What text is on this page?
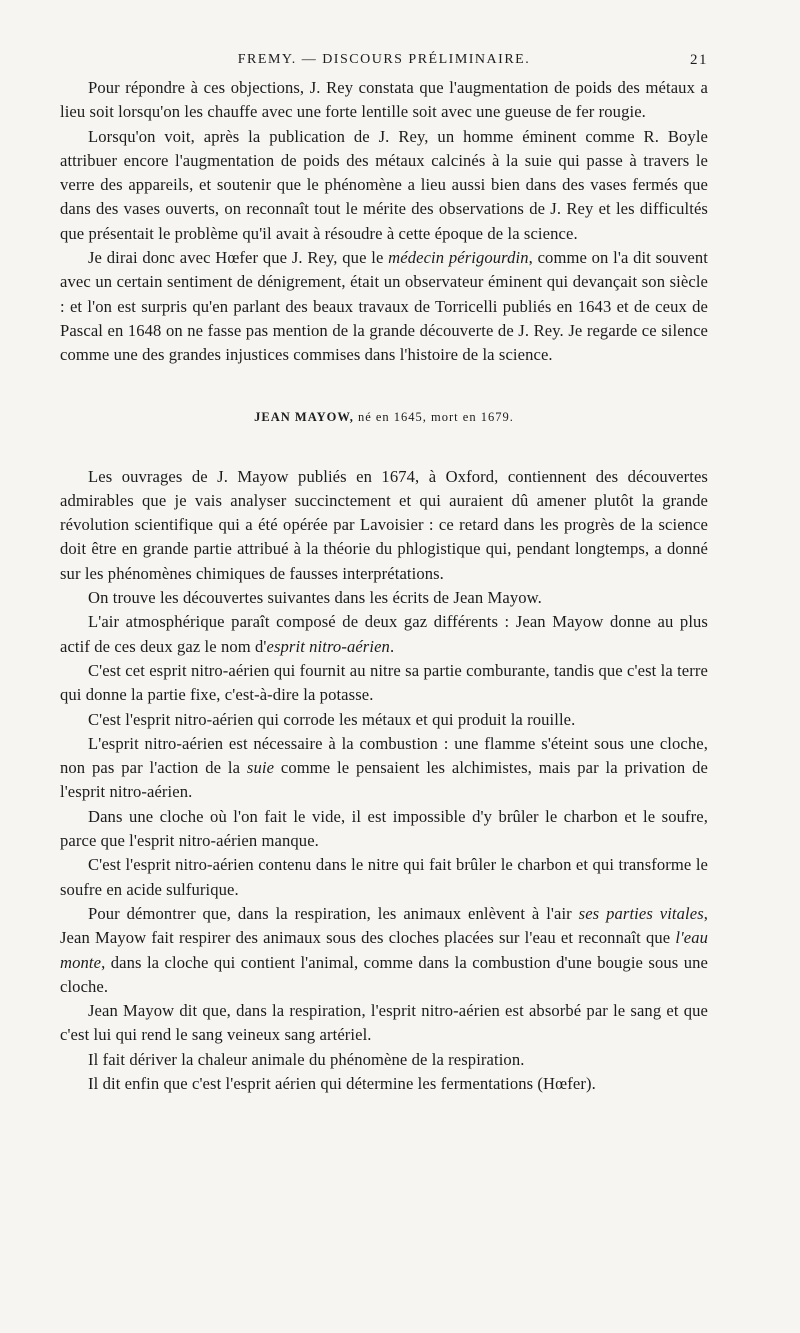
FREMY. — DISCOURS PRÉLIMINAIRE.	21

Pour répondre à ces objections, J. Rey constata que l'augmentation de poids des métaux a lieu soit lorsqu'on les chauffe avec une forte lentille soit avec une gueuse de fer rougie.

Lorsqu'on voit, après la publication de J. Rey, un homme éminent comme R. Boyle attribuer encore l'augmentation de poids des métaux calcinés à la suie qui passe à travers le verre des appareils, et soutenir que le phénomène a lieu aussi bien dans des vases fermés que dans des vases ouverts, on reconnaît tout le mérite des observations de J. Rey et les difficultés que présentait le problème qu'il avait à résoudre à cette époque de la science.

Je dirai donc avec Hœfer que J. Rey, que le médecin périgourdin, comme on l'a dit souvent avec un certain sentiment de dénigrement, était un observateur éminent qui devançait son siècle : et l'on est surpris qu'en parlant des beaux travaux de Torricelli publiés en 1643 et de ceux de Pascal en 1648 on ne fasse pas mention de la grande découverte de J. Rey. Je regarde ce silence comme une des grandes injustices commises dans l'histoire de la science.

JEAN MAYOW, né en 1645, mort en 1679.

Les ouvrages de J. Mayow publiés en 1674, à Oxford, contiennent des découvertes admirables que je vais analyser succinctement et qui auraient dû amener plutôt la grande révolution scientifique qui a été opérée par Lavoisier : ce retard dans les progrès de la science doit être en grande partie attribué à la théorie du phlogistique qui, pendant longtemps, a donné sur les phénomènes chimiques de fausses interprétations.

On trouve les découvertes suivantes dans les écrits de Jean Mayow.

L'air atmosphérique paraît composé de deux gaz différents : Jean Mayow donne au plus actif de ces deux gaz le nom d'esprit nitro-aérien.

C'est cet esprit nitro-aérien qui fournit au nitre sa partie comburante, tandis que c'est la terre qui donne la partie fixe, c'est-à-dire la potasse.

C'est l'esprit nitro-aérien qui corrode les métaux et qui produit la rouille.

L'esprit nitro-aérien est nécessaire à la combustion : une flamme s'éteint sous une cloche, non pas par l'action de la suie comme le pensaient les alchimistes, mais par la privation de l'esprit nitro-aérien.

Dans une cloche où l'on fait le vide, il est impossible d'y brûler le charbon et le soufre, parce que l'esprit nitro-aérien manque.

C'est l'esprit nitro-aérien contenu dans le nitre qui fait brûler le charbon et qui transforme le soufre en acide sulfurique.

Pour démontrer que, dans la respiration, les animaux enlèvent à l'air ses parties vitales, Jean Mayow fait respirer des animaux sous des cloches placées sur l'eau et reconnaît que l'eau monte, dans la cloche qui contient l'animal, comme dans la combustion d'une bougie sous une cloche.

Jean Mayow dit que, dans la respiration, l'esprit nitro-aérien est absorbé par le sang et que c'est lui qui rend le sang veineux sang artériel.

Il fait dériver la chaleur animale du phénomène de la respiration.

Il dit enfin que c'est l'esprit aérien qui détermine les fermentations (Hœfer).
